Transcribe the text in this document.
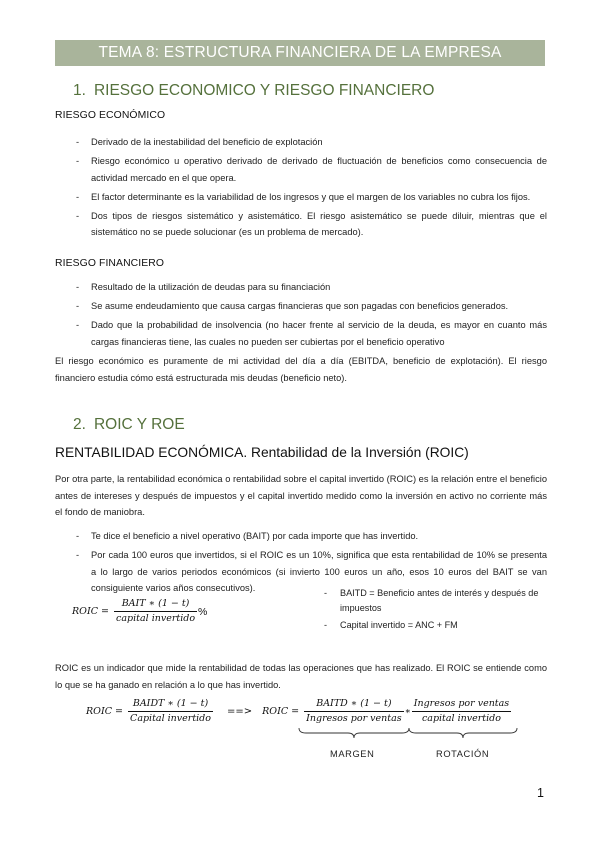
TEMA 8: ESTRUCTURA FINANCIERA DE LA EMPRESA
1. RIESGO ECONOMICO Y RIESGO FINANCIERO
RIESGO ECONÓMICO
- Derivado de la inestabilidad del beneficio de explotación
- Riesgo económico u operativo derivado de derivado de fluctuación de beneficios como consecuencia de actividad mercado en el que opera.
- El factor determinante es la variabilidad de los ingresos y que el margen de los variables no cubra los fijos.
- Dos tipos de riesgos sistemático y asistemático. El riesgo asistemático se puede diluir, mientras que el sistemático no se puede solucionar (es un problema de mercado).
RIESGO FINANCIERO
- Resultado de la utilización de deudas para su financiación
- Se asume endeudamiento que causa cargas financieras que son pagadas con beneficios generados.
- Dado que la probabilidad de insolvencia (no hacer frente al servicio de la deuda, es mayor en cuanto más cargas financieras tiene, las cuales no pueden ser cubiertas por el beneficio operativo

El riesgo económico es puramente de mi actividad del día a día (EBITDA, beneficio de explotación). El riesgo financiero estudia cómo está estructurada mis deudas (beneficio neto).

2. ROIC Y ROE
RENTABILIDAD ECONÓMICA. Rentabilidad de la Inversión (ROIC)

Por otra parte, la rentabilidad económica o rentabilidad sobre el capital invertido (ROIC) es la relación entre el beneficio antes de intereses y después de impuestos y el capital invertido medido como la inversión en activo no corriente más el fondo de maniobra.

- Te dice el beneficio a nivel operativo (BAIT) por cada importe que has invertido.
- Por cada 100 euros que invertidos, si el ROIC es un 10%, significa que esta rentabilidad de 10% se presenta a lo largo de varios periodos económicos (si invierto 100 euros un año, esos 10 euros del BAIT se van consiguiente varios años consecutivos).
ROIC = $\frac{\text{BAIT ∗ (1 − t)}}{\text{capital invertido}}$ %
- BAITD = Beneficio antes de interés y después de impuestos
- Capital invertido = ANC + FM

ROIC es un indicador que mide la rentabilidad de todas las operaciones que has realizado. El ROIC se entiende como lo que se ha ganado en relación a lo que has invertido.

ROIC = $\frac{\text{BAIDT ∗ (1 − t)}}{\text{Capital invertido}}$ ==> ROIC = $\frac{\text{BAITD ∗ (1 − t)}}{\text{Ingresos por ventas}}$ ∗ $\frac{\text{Ingresos por ventas}}{\text{capital invertido}}$
MARGEN	ROTACIÓN
1
